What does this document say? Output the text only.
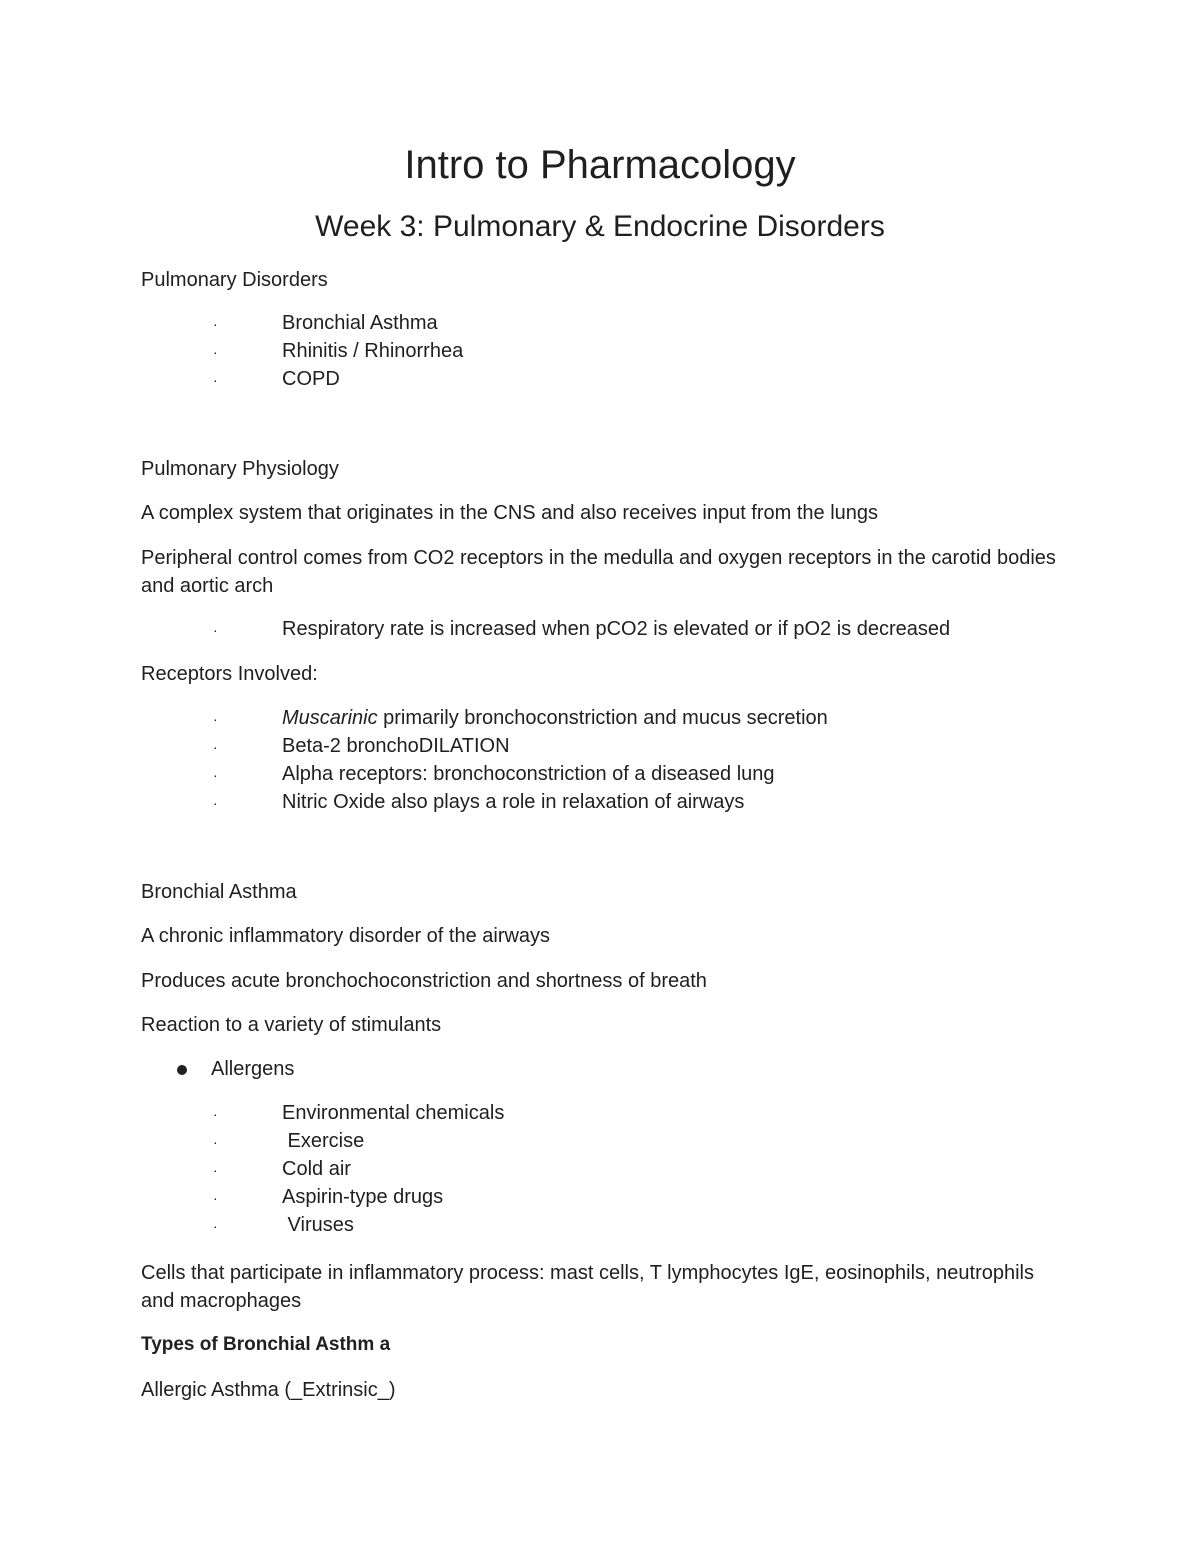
Intro to Pharmacology
Week 3: Pulmonary & Endocrine Disorders
Pulmonary Disorders
·	Bronchial Asthma
·	Rhinitis / Rhinorrhea
·	COPD
Pulmonary Physiology
A complex system that originates in the CNS and also receives input from the lungs
Peripheral control comes from CO2 receptors in the medulla and oxygen receptors in the carotid bodies and aortic arch
·	Respiratory rate is increased when pCO2 is elevated or if pO2 is decreased
Receptors Involved:
·	Muscarinic primarily bronchoconstriction and mucus secretion
·	Beta-2 bronchoDILATION
·	Alpha receptors: bronchoconstriction of a diseased lung
·	Nitric Oxide also plays a role in relaxation of airways
Bronchial Asthma
A chronic inflammatory disorder of the airways
Produces acute bronchochoconstriction and shortness of breath
Reaction to a variety of stimulants
Allergens
·	Environmental chemicals
·	Exercise
·	Cold air
·	Aspirin-type drugs
·	Viruses
Cells that participate in inflammatory process: mast cells, T lymphocytes IgE, eosinophils, neutrophils and macrophages
Types of Bronchial Asthm a
Allergic Asthma (_Extrinsic_)
